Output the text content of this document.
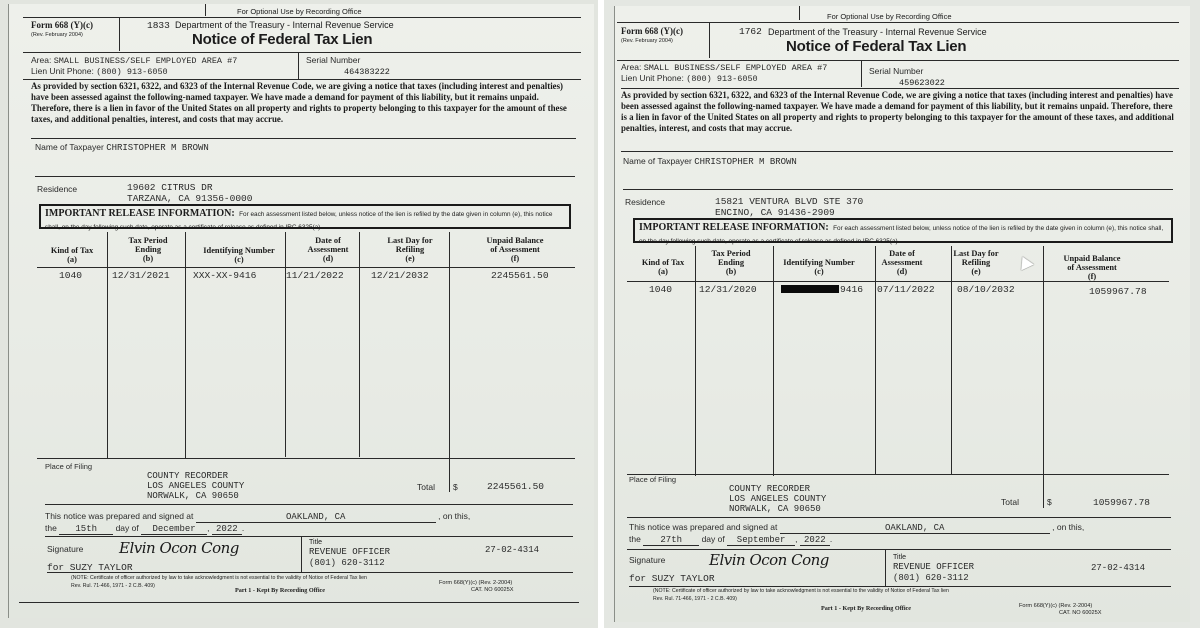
For Optional Use by Recording Office
Form 668 (Y)(c)
(Rev. February 2004)
1833 Department of the Treasury - Internal Revenue Service
Notice of Federal Tax Lien
Area: SMALL BUSINESS/SELF EMPLOYED AREA #7
Lien Unit Phone: (800) 913-6050
Serial Number
464383222
As provided by section 6321, 6322, and 6323 of the Internal Revenue Code, we are giving a notice that taxes (including interest and penalties) have been assessed against the following-named taxpayer. We have made a demand for payment of this liability, but it remains unpaid. Therefore, there is a lien in favor of the United States on all property and rights to property belonging to this taxpayer for the amount of these taxes, and additional penalties, interest, and costs that may accrue.
Name of Taxpayer CHRISTOPHER M BROWN
Residence	19602 CITRUS DR
TARZANA, CA 91356-0000
IMPORTANT RELEASE INFORMATION: For each assessment listed below, unless notice of the lien is refiled by the date given in column (e), this notice shall, on the day following such date, operate as a certificate of release as defined in IRC 6325(a).
Kind of Tax
(a)
Tax Period
Ending
(b)
Identifying Number
(c)
Date of
Assessment
(d)
Last Day for
Refiling
(e)
Unpaid Balance
of Assessment
(f)
1040	12/31/2021 XXX-XX-9416	11/21/2022	12/21/2032	2245561.50
Place of Filing
COUNTY RECORDER
LOS ANGELES COUNTY
NORWALK, CA 90650
Total $	2245561.50
This notice was prepared and signed at	OAKLAND, CA	, on this,
the 15th day of December , 2022 .
Signature Elvin Ocon Cong
for SUZY TAYLOR
Title
REVENUE OFFICER
(801) 620-3112
27-02-4314
(NOTE: Certificate of officer authorized by law to take acknowledgment is not essential to the validity of Notice of Federal Tax lien
Rev. Rul. 71-466, 1971 - 2 C.B. 409)
Part 1 - Kept By Recording Office
Form 668(Y)(c) (Rev. 2-2004)
CAT. NO 60025X
For Optional Use by Recording Office
Form 668 (Y)(c)
(Rev. February 2004)
1762 Department of the Treasury - Internal Revenue Service
Notice of Federal Tax Lien
Area: SMALL BUSINESS/SELF EMPLOYED AREA #7
Lien Unit Phone: (800) 913-6050
Serial Number
459623022
As provided by section 6321, 6322, and 6323 of the Internal Revenue Code, we are giving a notice that taxes (including interest and penalties) have been assessed against the following-named taxpayer. We have made a demand for payment of this liability, but it remains unpaid. Therefore, there is a lien in favor of the United States on all property and rights to property belonging to this taxpayer for the amount of these taxes, and additional penalties, interest, and costs that may accrue.
Name of Taxpayer CHRISTOPHER M BROWN
Residence	15821 VENTURA BLVD STE 370
ENCINO, CA 91436-2909
IMPORTANT RELEASE INFORMATION: For each assessment listed below, unless notice of the lien is refiled by the date given in column (e), this notice shall, on the day following such date, operate as a certificate of release as defined in IRC 6325(a).
Kind of Tax
(a)
Tax Period
Ending
(b)
Identifying Number
(c)
Date of
Assessment
(d)
Last Day for
Refiling
(e)
Unpaid Balance
of Assessment
(f)
1040	12/31/2020	9416 07/11/2022 08/10/2032	1059967.78
Place of Filing
COUNTY RECORDER
LOS ANGELES COUNTY
NORWALK, CA 90650
Total	$	1059967.78
This notice was prepared and signed at	OAKLAND, CA	, on this,
the 27th day of September , 2022 .
Signature	Elvin Ocon Cong
for SUZY TAYLOR
Title
REVENUE OFFICER
(801) 620-3112
27-02-4314
(NOTE: Certificate of officer authorized by law to take acknowledgment is not essential to the validity of Notice of Federal Tax lien
Rev. Rul. 71-466, 1971 - 2 C.B. 409)
Part 1 - Kept By Recording Office	Form 668(Y)(c) (Rev. 2-2004)
CAT. NO 60025X
